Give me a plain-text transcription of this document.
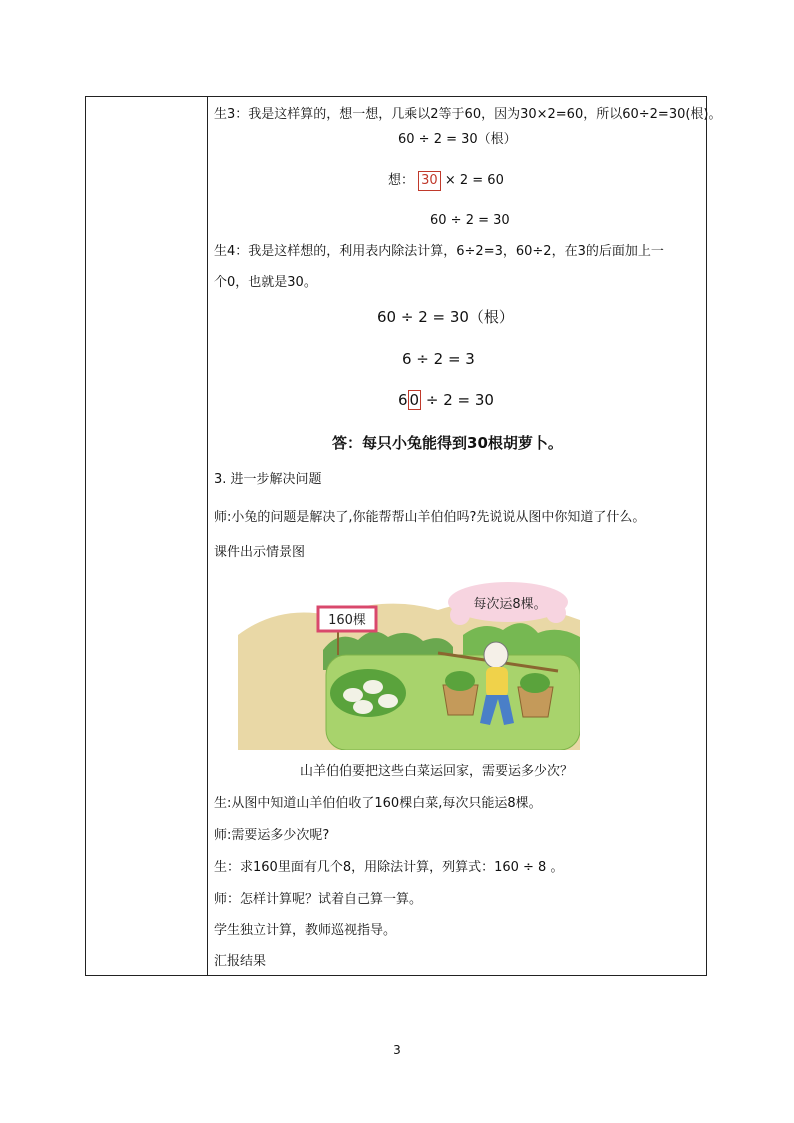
生3：我是这样算的，想一想，几乘以2等于60，因为30×2=60，所以60÷2=30(根)。
60 ÷ 2 = 30（根）
想： 30 × 2 = 60
60 ÷ 2 = 30
生4：我是这样想的，利用表内除法计算，6÷2=3，60÷2，在3的后面加上一
个0，也就是30。
60 ÷ 2 = 30（根）
6 ÷ 2 = 3
6 0 ÷ 2 = 30
答：每只小兔能得到30根胡萝卜。
3. 进一步解决问题
师:小兔的问题是解决了,你能帮帮山羊伯伯吗?先说说从图中你知道了什么。
课件出示情景图
山羊伯伯要把这些白菜运回家，需要运多少次？
生:从图中知道山羊伯伯收了160棵白菜,每次只能运8棵。
师:需要运多少次呢?
生：求160里面有几个8，用除法计算，列算式：160 ÷ 8 。
师：怎样计算呢？试着自己算一算。
学生独立计算，教师巡视指导。
汇报结果
160棵
每次运8棵。
3
